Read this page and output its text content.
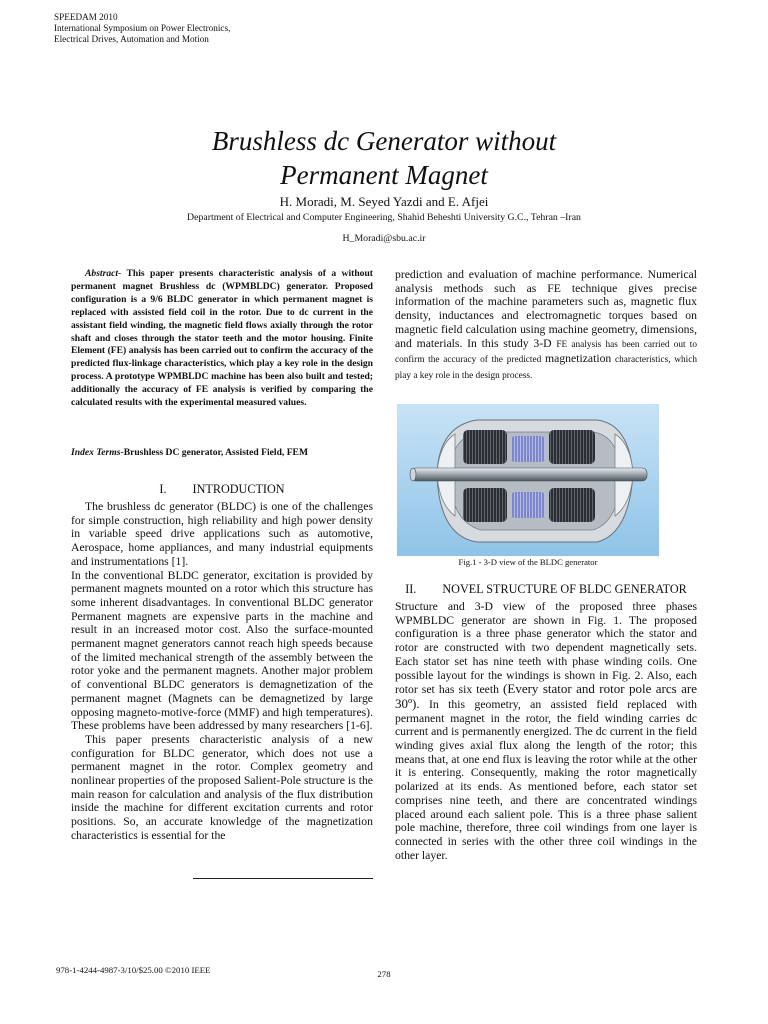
SPEEDAM 2010
International Symposium on Power Electronics,
Electrical Drives, Automation and Motion
Brushless dc Generator without
Permanent Magnet
H. Moradi, M. Seyed Yazdi and E. Afjei
Department of Electrical and Computer Engineering, Shahid Beheshti University G.C., Tehran –Iran
H_Moradi@sbu.ac.ir

Abstract- This paper presents characteristic analysis of a without permanent magnet Brushless dc (WPMBLDC) generator. Proposed configuration is a 9/6 BLDC generator in which permanent magnet is replaced with assisted field coil in the rotor. Due to dc current in the assistant field winding, the magnetic field flows axially through the rotor shaft and closes through the stator teeth and the motor housing. Finite Element (FE) analysis has been carried out to confirm the accuracy of the predicted flux-linkage characteristics, which play a key role in the design process. A prototype WPMBLDC machine has been also built and tested; additionally the accuracy of FE analysis is verified by comparing the calculated results with the experimental measured values.

Index Terms-Brushless DC generator, Assisted Field, FEM

I. INTRODUCTION

The brushless dc generator (BLDC) is one of the challenges for simple construction, high reliability and high power density in variable speed drive applications such as automotive, Aerospace, home appliances, and many industrial equipments and instrumentations [1].

In the conventional BLDC generator, excitation is provided by permanent magnets mounted on a rotor which this structure has some inherent disadvantages. In conventional BLDC generator Permanent magnets are expensive parts in the machine and result in an increased motor cost. Also the surface-mounted permanent magnet generators cannot reach high speeds because of the limited mechanical strength of the assembly between the rotor yoke and the permanent magnets. Another major problem of conventional BLDC generators is demagnetization of the permanent magnet (Magnets can be demagnetized by large opposing magneto-motive-force (MMF) and high temperatures). These problems have been addressed by many researchers [1-6].

This paper presents characteristic analysis of a new configuration for BLDC generator, which does not use a permanent magnet in the rotor. Complex geometry and nonlinear properties of the proposed Salient-Pole structure is the main reason for calculation and analysis of the flux distribution inside the machine for different excitation currents and rotor positions. So, an accurate knowledge of the magnetization characteristics is essential for the

prediction and evaluation of machine performance. Numerical analysis methods such as FE technique gives precise information of the machine parameters such as, magnetic flux density, inductances and electromagnetic torques based on magnetic field calculation using machine geometry, dimensions, and materials. In this study 3-D FE analysis has been carried out to confirm the accuracy of the predicted magnetization characteristics, which play a key role in the design process.

Fig.1 - 3-D view of the BLDC generator
II. NOVEL STRUCTURE OF BLDC GENERATOR

Structure and 3-D view of the proposed three phases WPMBLDC generator are shown in Fig. 1. The proposed configuration is a three phase generator which the stator and rotor are constructed with two dependent magnetically sets. Each stator set has nine teeth with phase winding coils. One possible layout for the windings is shown in Fig. 2. Also, each rotor set has six teeth (Every stator and rotor pole arcs are 30º). In this geometry, an assisted field replaced with permanent magnet in the rotor, the field winding carries dc current and is permanently energized. The dc current in the field winding gives axial flux along the length of the rotor; this means that, at one end flux is leaving the rotor while at the other it is entering. Consequently, making the rotor magnetically polarized at its ends. As mentioned before, each stator set comprises nine teeth, and there are concentrated windings placed around each salient pole. This is a three phase salient pole machine, therefore, three coil windings from one layer is connected in series with the other three coil windings in the other layer.

978-1-4244-4987-3/10/$25.00 ©2010 IEEE	278
